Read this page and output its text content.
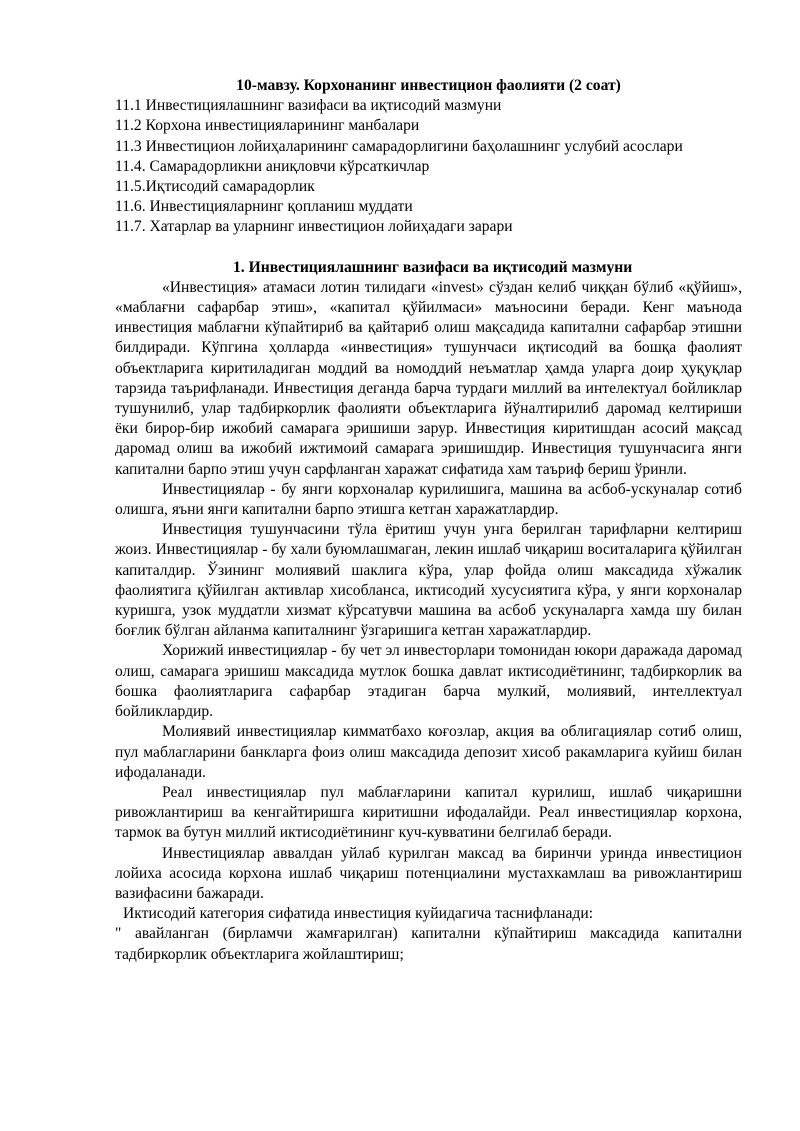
10-мавзу. Корхонанинг инвестицион фаолияти (2 соат)

11.1 Инвестициялашнинг вазифаси ва иқтисодий мазмуни
11.2 Корхона инвестицияларининг манбалари
11.3 Инвестицион лойиҳаларининг самарадорлигини баҳолашнинг услубий асослари
11.4. Самарадорликни аниқловчи кўрсаткичлар
11.5.Иқтисодий самарадорлик
11.6. Инвестицияларнинг қопланиш муддати
11.7. Хатарлар ва уларнинг инвестицион лойиҳадаги зарари

1. Инвестициялашнинг вазифаси ва иқтисодий мазмуни

«Инвестиция» атамаси лотин тилидаги «invest» сўздан келиб чиққан бўлиб «қўйиш», «маблағни сафарбар этиш», «капитал қўйилмаси» маъносини беради. Кенг маънода инвестиция маблағни кўпайтириб ва қайтариб олиш мақсадида капитални сафарбар этишни билдиради. Кўпгина ҳолларда «инвестиция» тушунчаси иқтисодий ва бошқа фаолият объектларига киритиладиган моддий ва номоддий неъматлар ҳамда уларга доир ҳуқуқлар тарзида таърифланади. Инвестиция деганда барча турдаги миллий ва интелектуал бойликлар тушунилиб, улар тадбиркорлик фаолияти объектларига йўналтирилиб даромад келтириши ёки бирор-бир ижобий самарага эришиши зарур. Инвестиция киритишдан асосий мақсад даромад олиш ва ижобий ижтимоий самарага эришишдир. Инвестиция тушунчасига янги капитални барпо этиш учун сарфланган харажат сифатида хам таъриф бериш ўринли.

Инвестициялар - бу янги корхоналар курилишига, машина ва асбоб-ускуналар сотиб олишга, яъни янги капитални барпо этишга кетган харажатлардир.

Инвестиция тушунчасини тўла ёритиш учун унга берилган тарифларни келтириш жоиз. Инвестициялар - бу хали буюмлашмаган, лекин ишлаб чиқариш воситаларига қўйилган капиталдир. Ўзининг молиявий шаклига кўра, улар фойда олиш максадида хўжалик фаолиятига қўйилган активлар хисобланса, иктисодий хусусиятига кўра, у янги корхоналар куришга, узок муддатли хизмат кўрсатувчи машина ва асбоб ускуналарга хамда шу билан боғлик бўлган айланма капиталнинг ўзгаришига кетган харажатлардир.

Хорижий инвестициялар - бу чет эл инвесторлари томонидан юкори даражада даромад олиш, самарага эришиш максадида мутлок бошка давлат иктисодиётининг, тадбиркорлик ва бошка фаолиятларига сафарбар этадиган барча мулкий, молиявий, интеллектуал бойликлардир.

Молиявий инвестициялар кимматбахо коғозлар, акция ва облигациялар сотиб олиш, пул маблагларини банкларга фоиз олиш максадида депозит хисоб ракамларига куйиш билан ифодаланади.

Реал инвестициялар пул маблағларини капитал курилиш, ишлаб чиқаришни ривожлантириш ва кенгайтиришга киритишни ифодалайди. Реал инвестициялар корхона, тармок ва бутун миллий иктисодиётининг куч-кувватини белгилаб беради.

Инвестициялар аввалдан уйлаб курилган максад ва биринчи уринда инвестицион лойиха асосида корхона ишлаб чиқариш потенциалини мустахкамлаш ва ривожлантириш вазифасини бажаради.

Иктисодий категория сифатида инвестиция куйидагича таснифланади:

" авайланган (бирламчи жамғарилган) капитални кўпайтириш максадида капитални тадбиркорлик объектларига жойлаштириш;
